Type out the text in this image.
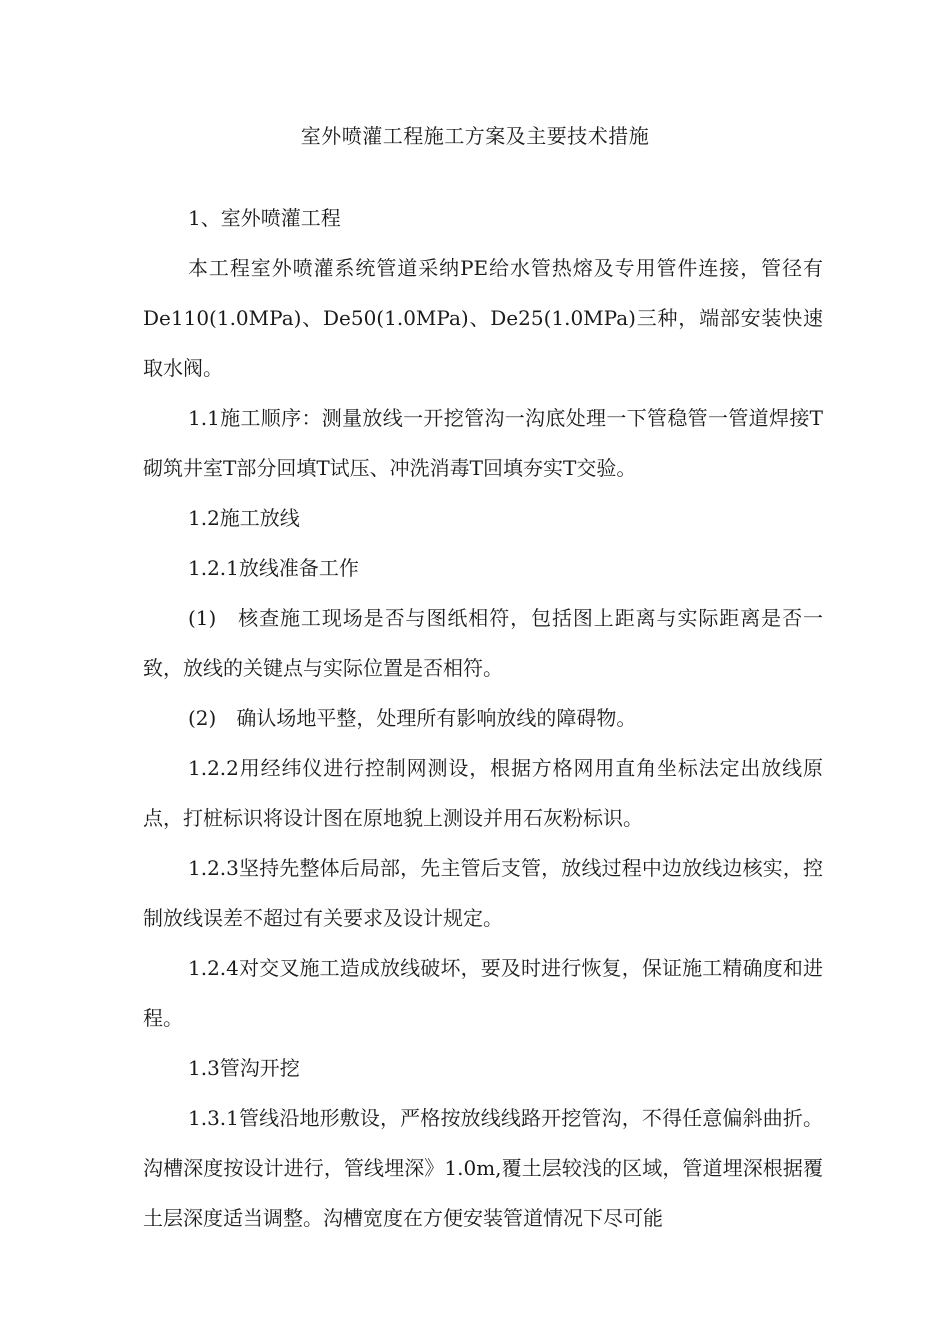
室外喷灌工程施工方案及主要技术措施

1、室外喷灌工程

本工程室外喷灌系统管道采纳PE给水管热熔及专用管件连接，管径有 De110(1.0MPa)、De50(1.0MPa)、De25(1.0MPa)三种，端部安装快速取水阀。

1.1施工顺序：测量放线一开挖管沟一沟底处理一下管稳管一管道焊接T砌筑井室T部分回填T试压、冲洗消毒T回填夯实T交验。

1.2施工放线

1.2.1放线准备工作

(1)　核查施工现场是否与图纸相符，包括图上距离与实际距离是否一致，放线的关键点与实际位置是否相符。

(2)　确认场地平整，处理所有影响放线的障碍物。

1.2.2用经纬仪进行控制网测设，根据方格网用直角坐标法定出放线原点，打桩标识将设计图在原地貌上测设并用石灰粉标识。

1.2.3坚持先整体后局部，先主管后支管，放线过程中边放线边核实，控制放线误差不超过有关要求及设计规定。

1.2.4对交叉施工造成放线破坏，要及时进行恢复，保证施工精确度和进程。

1.3管沟开挖

1.3.1管线沿地形敷设，严格按放线线路开挖管沟，不得任意偏斜曲折。沟槽深度按设计进行，管线埋深》1.0m,覆土层较浅的区域，管道埋深根据覆土层深度适当调整。沟槽宽度在方便安装管道情况下尽可能
